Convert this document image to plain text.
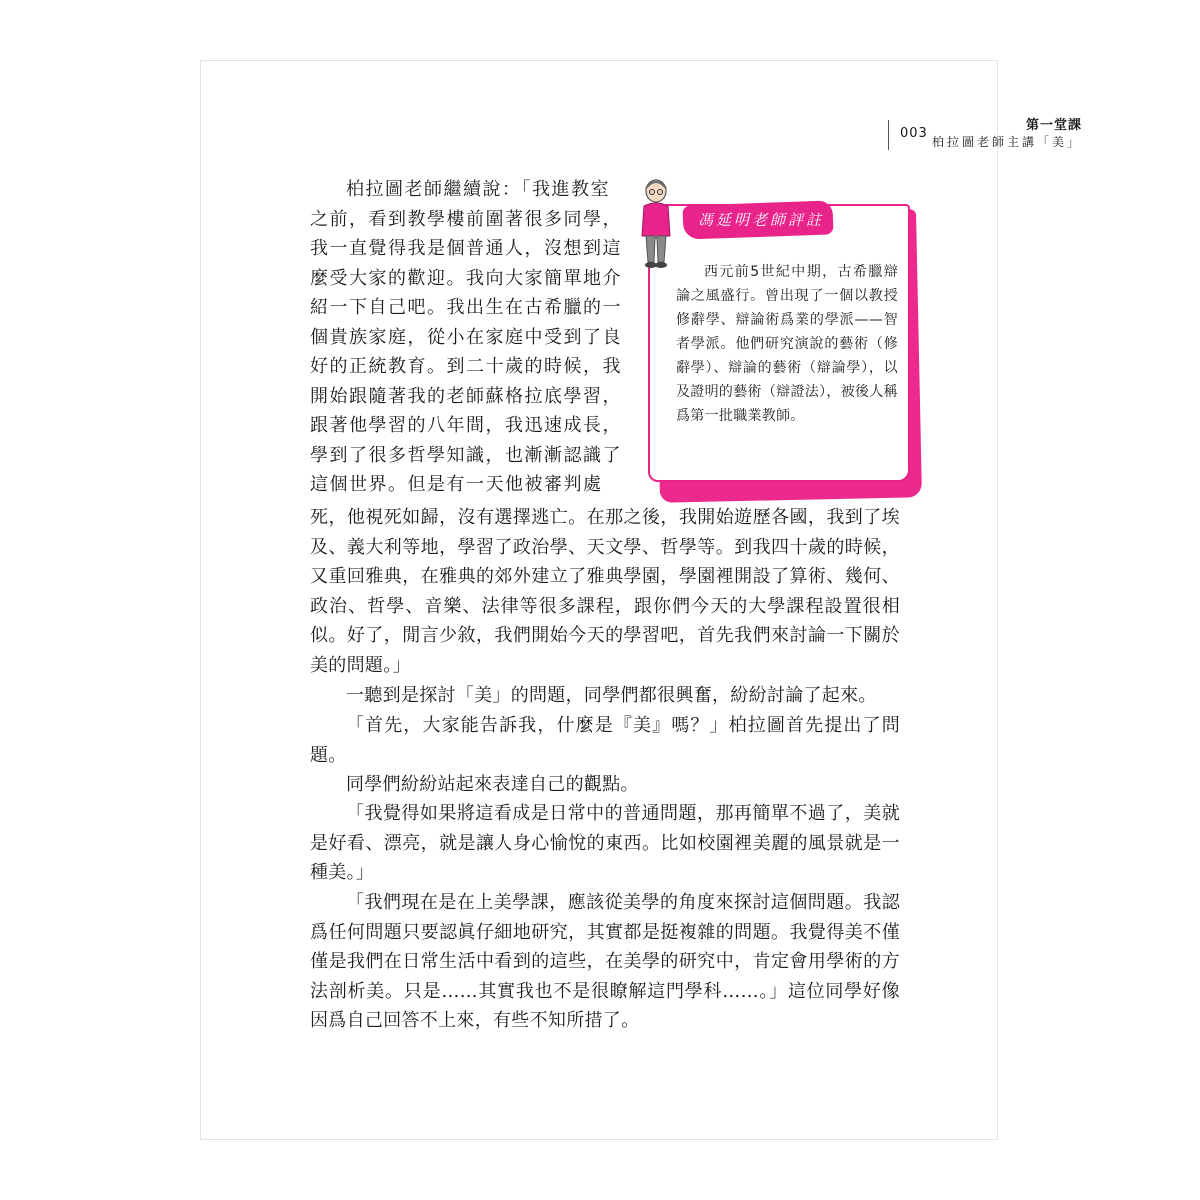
第一堂課
柏拉圖老師主講「美」
003
柏拉圖老師繼續說：「我進教室
之前，看到教學樓前圍著很多同學，
我一直覺得我是個普通人，沒想到這
麼受大家的歡迎。我向大家簡單地介
紹一下自己吧。我出生在古希臘的一
個貴族家庭，從小在家庭中受到了良
好的正統教育。到二十歲的時候，我
開始跟隨著我的老師蘇格拉底學習，
跟著他學習的八年間，我迅速成長，
學到了很多哲學知識，也漸漸認識了
這個世界。但是有一天他被審判處

死，他視死如歸，沒有選擇逃亡。在那之後，我開始遊歷各國，我到了埃及、義大利等地，學習了政治學、天文學、哲學等。到我四十歲的時候，又重回雅典，在雅典的郊外建立了雅典學園，學園裡開設了算術、幾何、政治、哲學、音樂、法律等很多課程，跟你們今天的大學課程設置很相似。好了，閒言少敘，我們開始今天的學習吧，首先我們來討論一下關於美的問題。」

一聽到是探討「美」的問題，同學們都很興奮，紛紛討論了起來。

「首先，大家能告訴我，什麼是『美』嗎？」柏拉圖首先提出了問題。

同學們紛紛站起來表達自己的觀點。

「我覺得如果將這看成是日常中的普通問題，那再簡單不過了，美就是好看、漂亮，就是讓人身心愉悅的東西。比如校園裡美麗的風景就是一種美。」

「我們現在是在上美學課，應該從美學的角度來探討這個問題。我認爲任何問題只要認眞仔細地研究，其實都是挺複雜的問題。我覺得美不僅僅是我們在日常生活中看到的這些，在美學的研究中，肯定會用學術的方法剖析美。只是……其實我也不是很瞭解這門學科……。」這位同學好像因爲自己回答不上來，有些不知所措了。

馮延明老師評註

西元前5世紀中期，古希臘辯論之風盛行。曾出現了一個以教授修辭學、辯論術爲業的學派——智者學派。他們研究演說的藝術（修辭學）、辯論的藝術（辯論學），以及證明的藝術（辯證法），被後人稱爲第一批職業教師。
